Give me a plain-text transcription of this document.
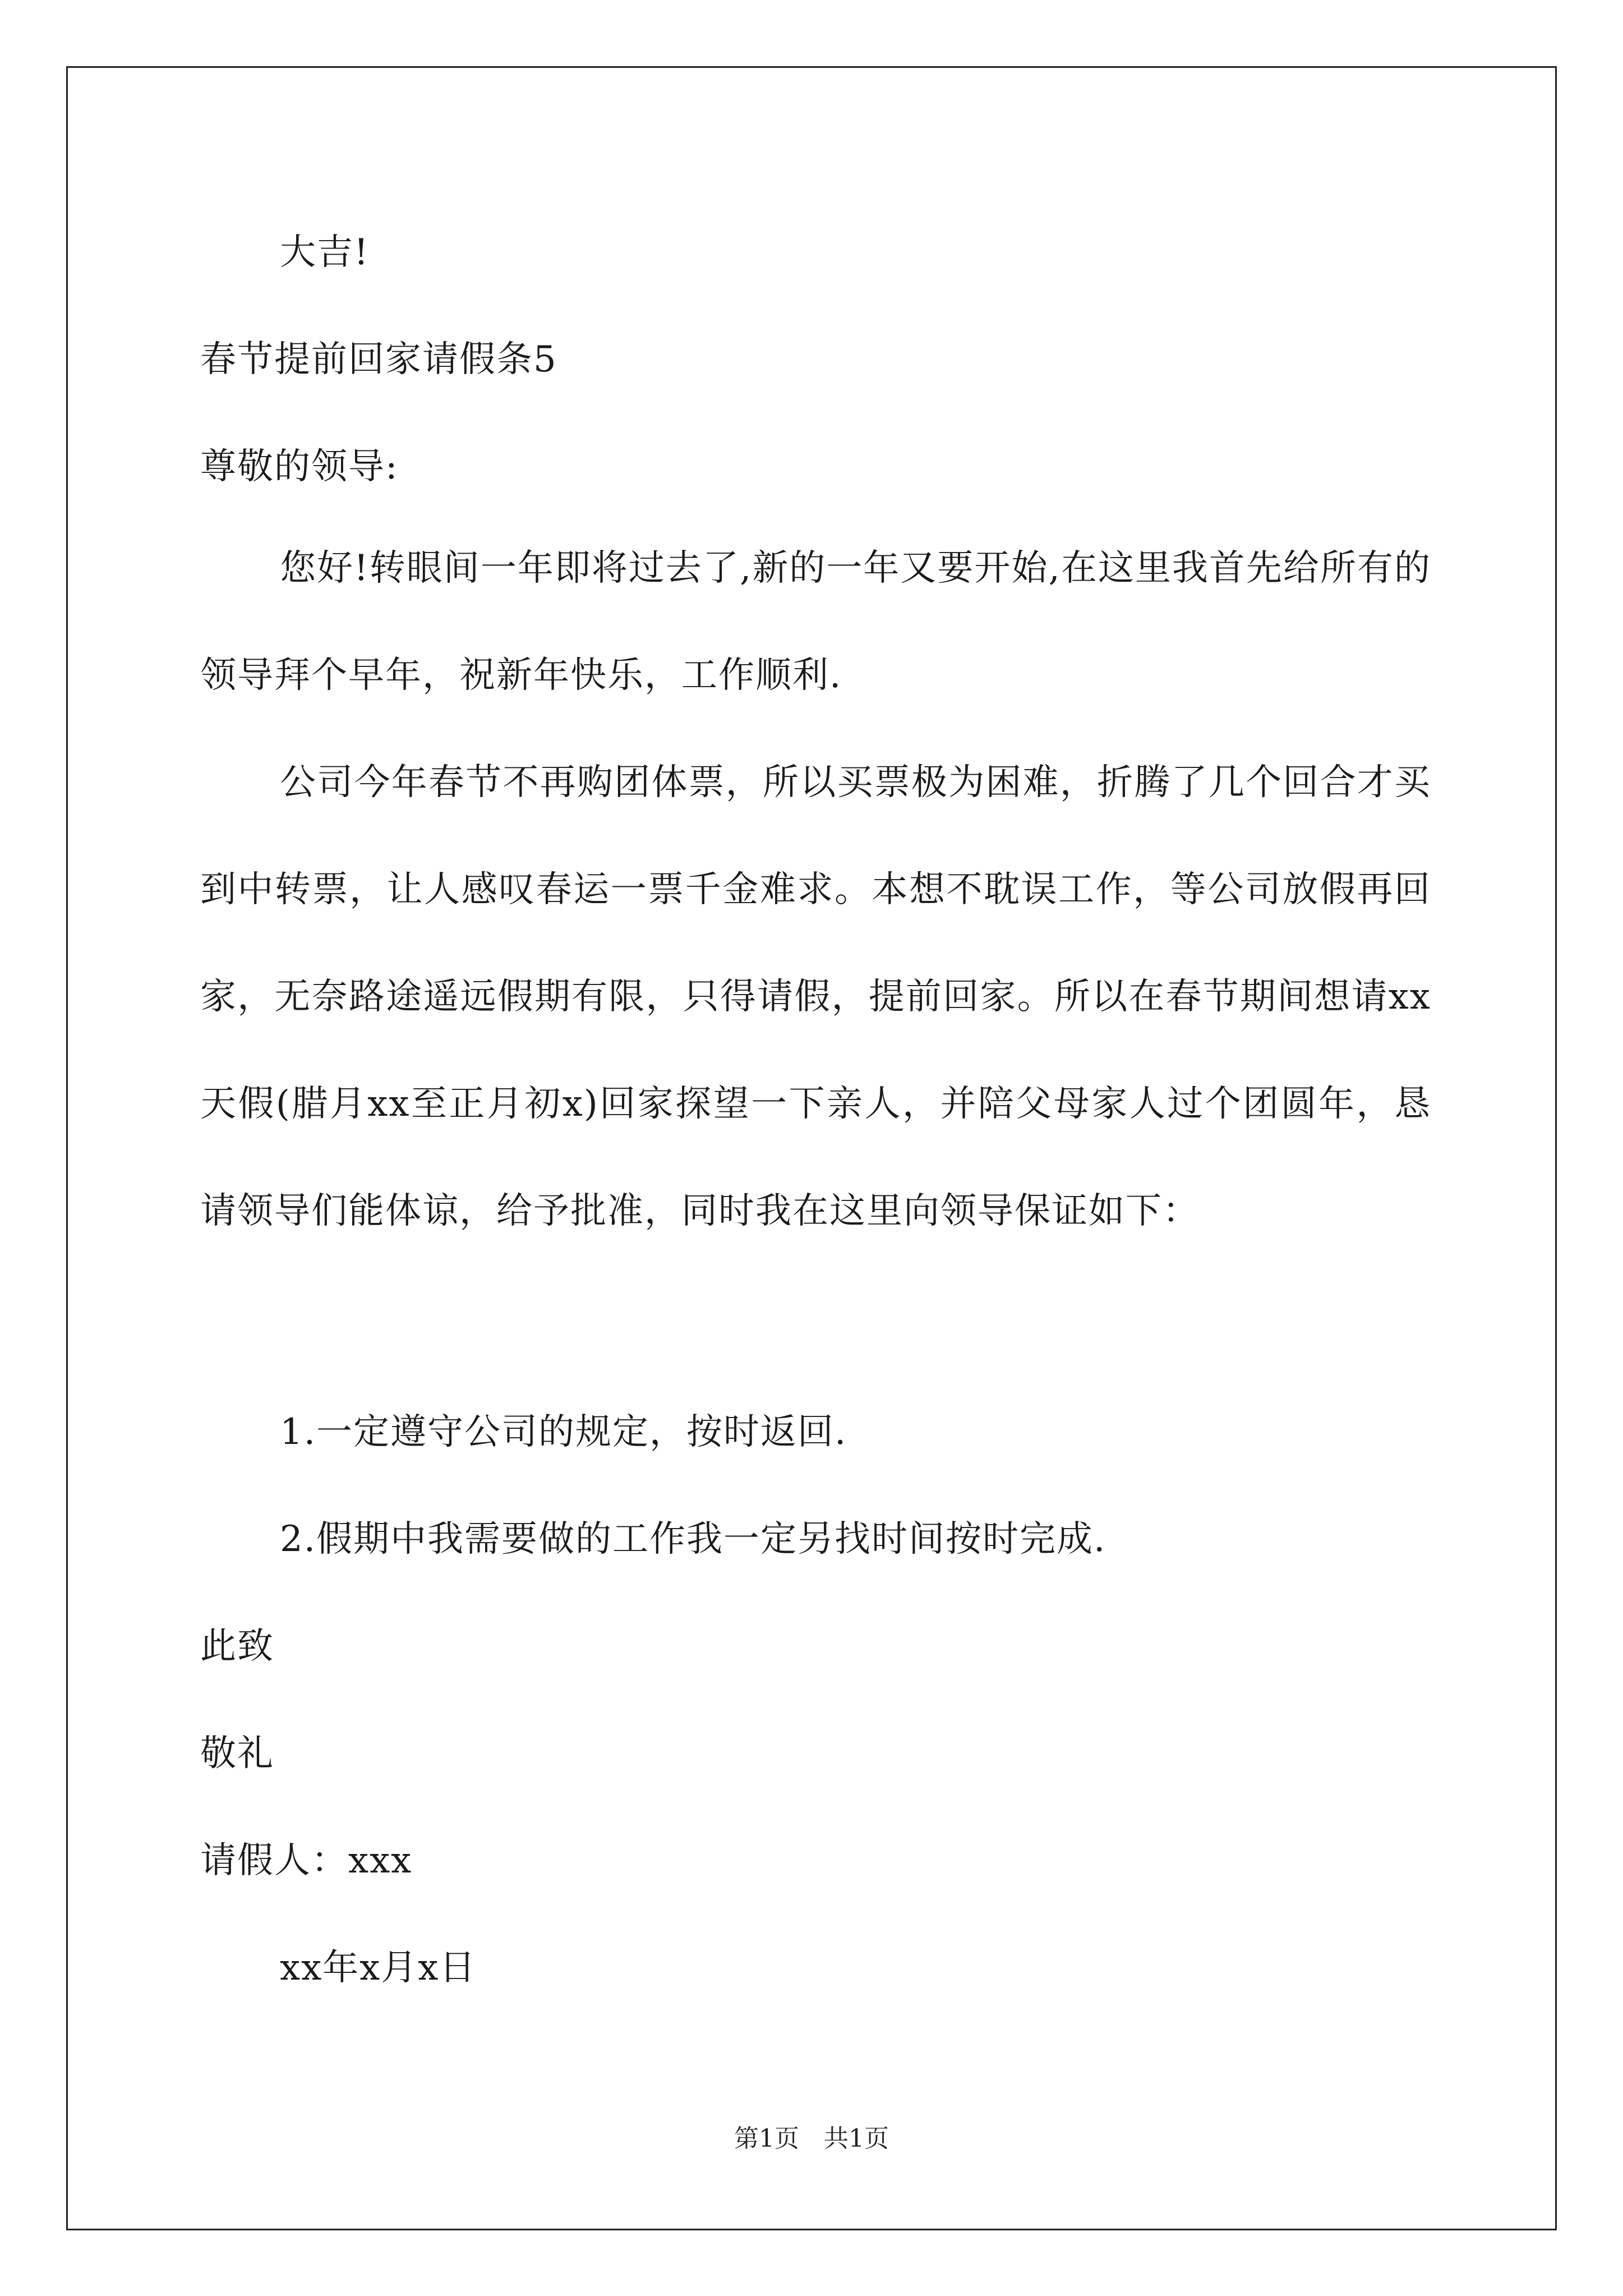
大吉!
春节提前回家请假条5
尊敬的领导:
您好!转眼间一年即将过去了,新的一年又要开始,在这里我首先给所有的领导拜个早年，祝新年快乐，工作顺利.
公司今年春节不再购团体票，所以买票极为困难，折腾了几个回合才买到中转票，让人感叹春运一票千金难求。本想不耽误工作，等公司放假再回家，无奈路途遥远假期有限，只得请假，提前回家。所以在春节期间想请xx天假(腊月xx至正月初x)回家探望一下亲人，并陪父母家人过个团圆年，恳请领导们能体谅，给予批准，同时我在这里向领导保证如下：
1.一定遵守公司的规定，按时返回.
2.假期中我需要做的工作我一定另找时间按时完成.
此致
敬礼
请假人：xxx
xx年x月x日
第1页　共1页
